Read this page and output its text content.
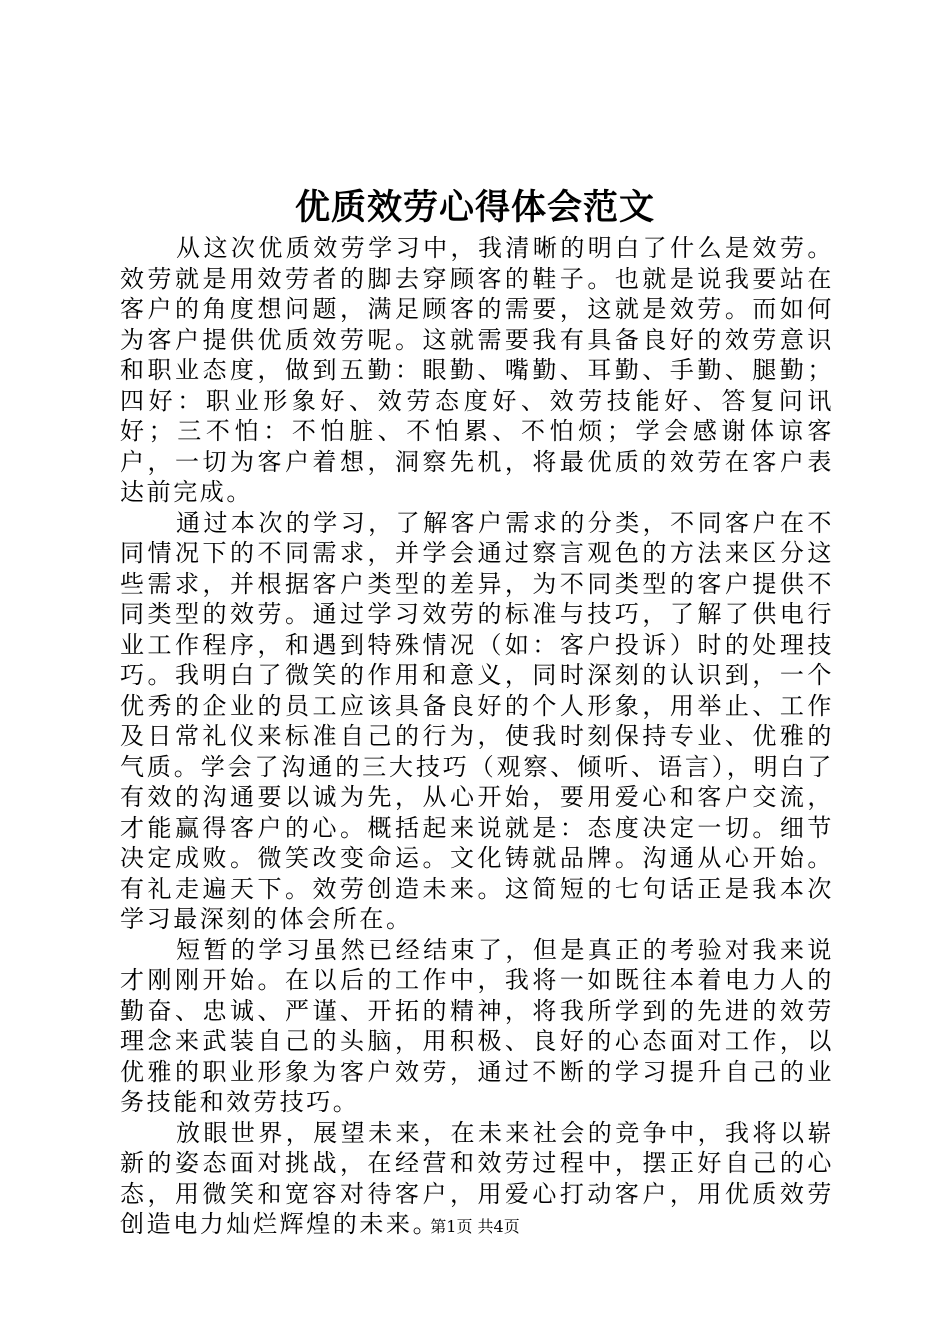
优质效劳心得体会范文

从这次优质效劳学习中，我清晰的明白了什么是效劳。效劳就是用效劳者的脚去穿顾客的鞋子。也就是说我要站在客户的角度想问题，满足顾客的需要，这就是效劳。而如何为客户提供优质效劳呢。这就需要我有具备良好的效劳意识和职业态度，做到五勤：眼勤、嘴勤、耳勤、手勤、腿勤；四好：职业形象好、效劳态度好、效劳技能好、答复问讯好；三不怕：不怕脏、不怕累、不怕烦；学会感谢体谅客户，一切为客户着想，洞察先机，将最优质的效劳在客户表达前完成。

通过本次的学习，了解客户需求的分类，不同客户在不同情况下的不同需求，并学会通过察言观色的方法来区分这些需求，并根据客户类型的差异，为不同类型的客户提供不同类型的效劳。通过学习效劳的标准与技巧，了解了供电行业工作程序，和遇到特殊情况（如：客户投诉）时的处理技巧。我明白了微笑的作用和意义，同时深刻的认识到，一个优秀的企业的员工应该具备良好的个人形象，用举止、工作及日常礼仪来标准自己的行为，使我时刻保持专业、优雅的气质。学会了沟通的三大技巧（观察、倾听、语言），明白了有效的沟通要以诚为先，从心开始，要用爱心和客户交流，才能赢得客户的心。概括起来说就是：态度决定一切。细节决定成败。微笑改变命运。文化铸就品牌。沟通从心开始。有礼走遍天下。效劳创造未来。这简短的七句话正是我本次学习最深刻的体会所在。

短暂的学习虽然已经结束了，但是真正的考验对我来说才刚刚开始。在以后的工作中，我将一如既往本着电力人的勤奋、忠诚、严谨、开拓的精神，将我所学到的先进的效劳理念来武装自己的头脑，用积极、良好的心态面对工作，以优雅的职业形象为客户效劳，通过不断的学习提升自己的业务技能和效劳技巧。

放眼世界，展望未来，在未来社会的竞争中，我将以崭新的姿态面对挑战，在经营和效劳过程中，摆正好自己的心态，用微笑和宽容对待客户，用爱心打动客户，用优质效劳创造电力灿烂辉煌的未来。

第1页 共4页
